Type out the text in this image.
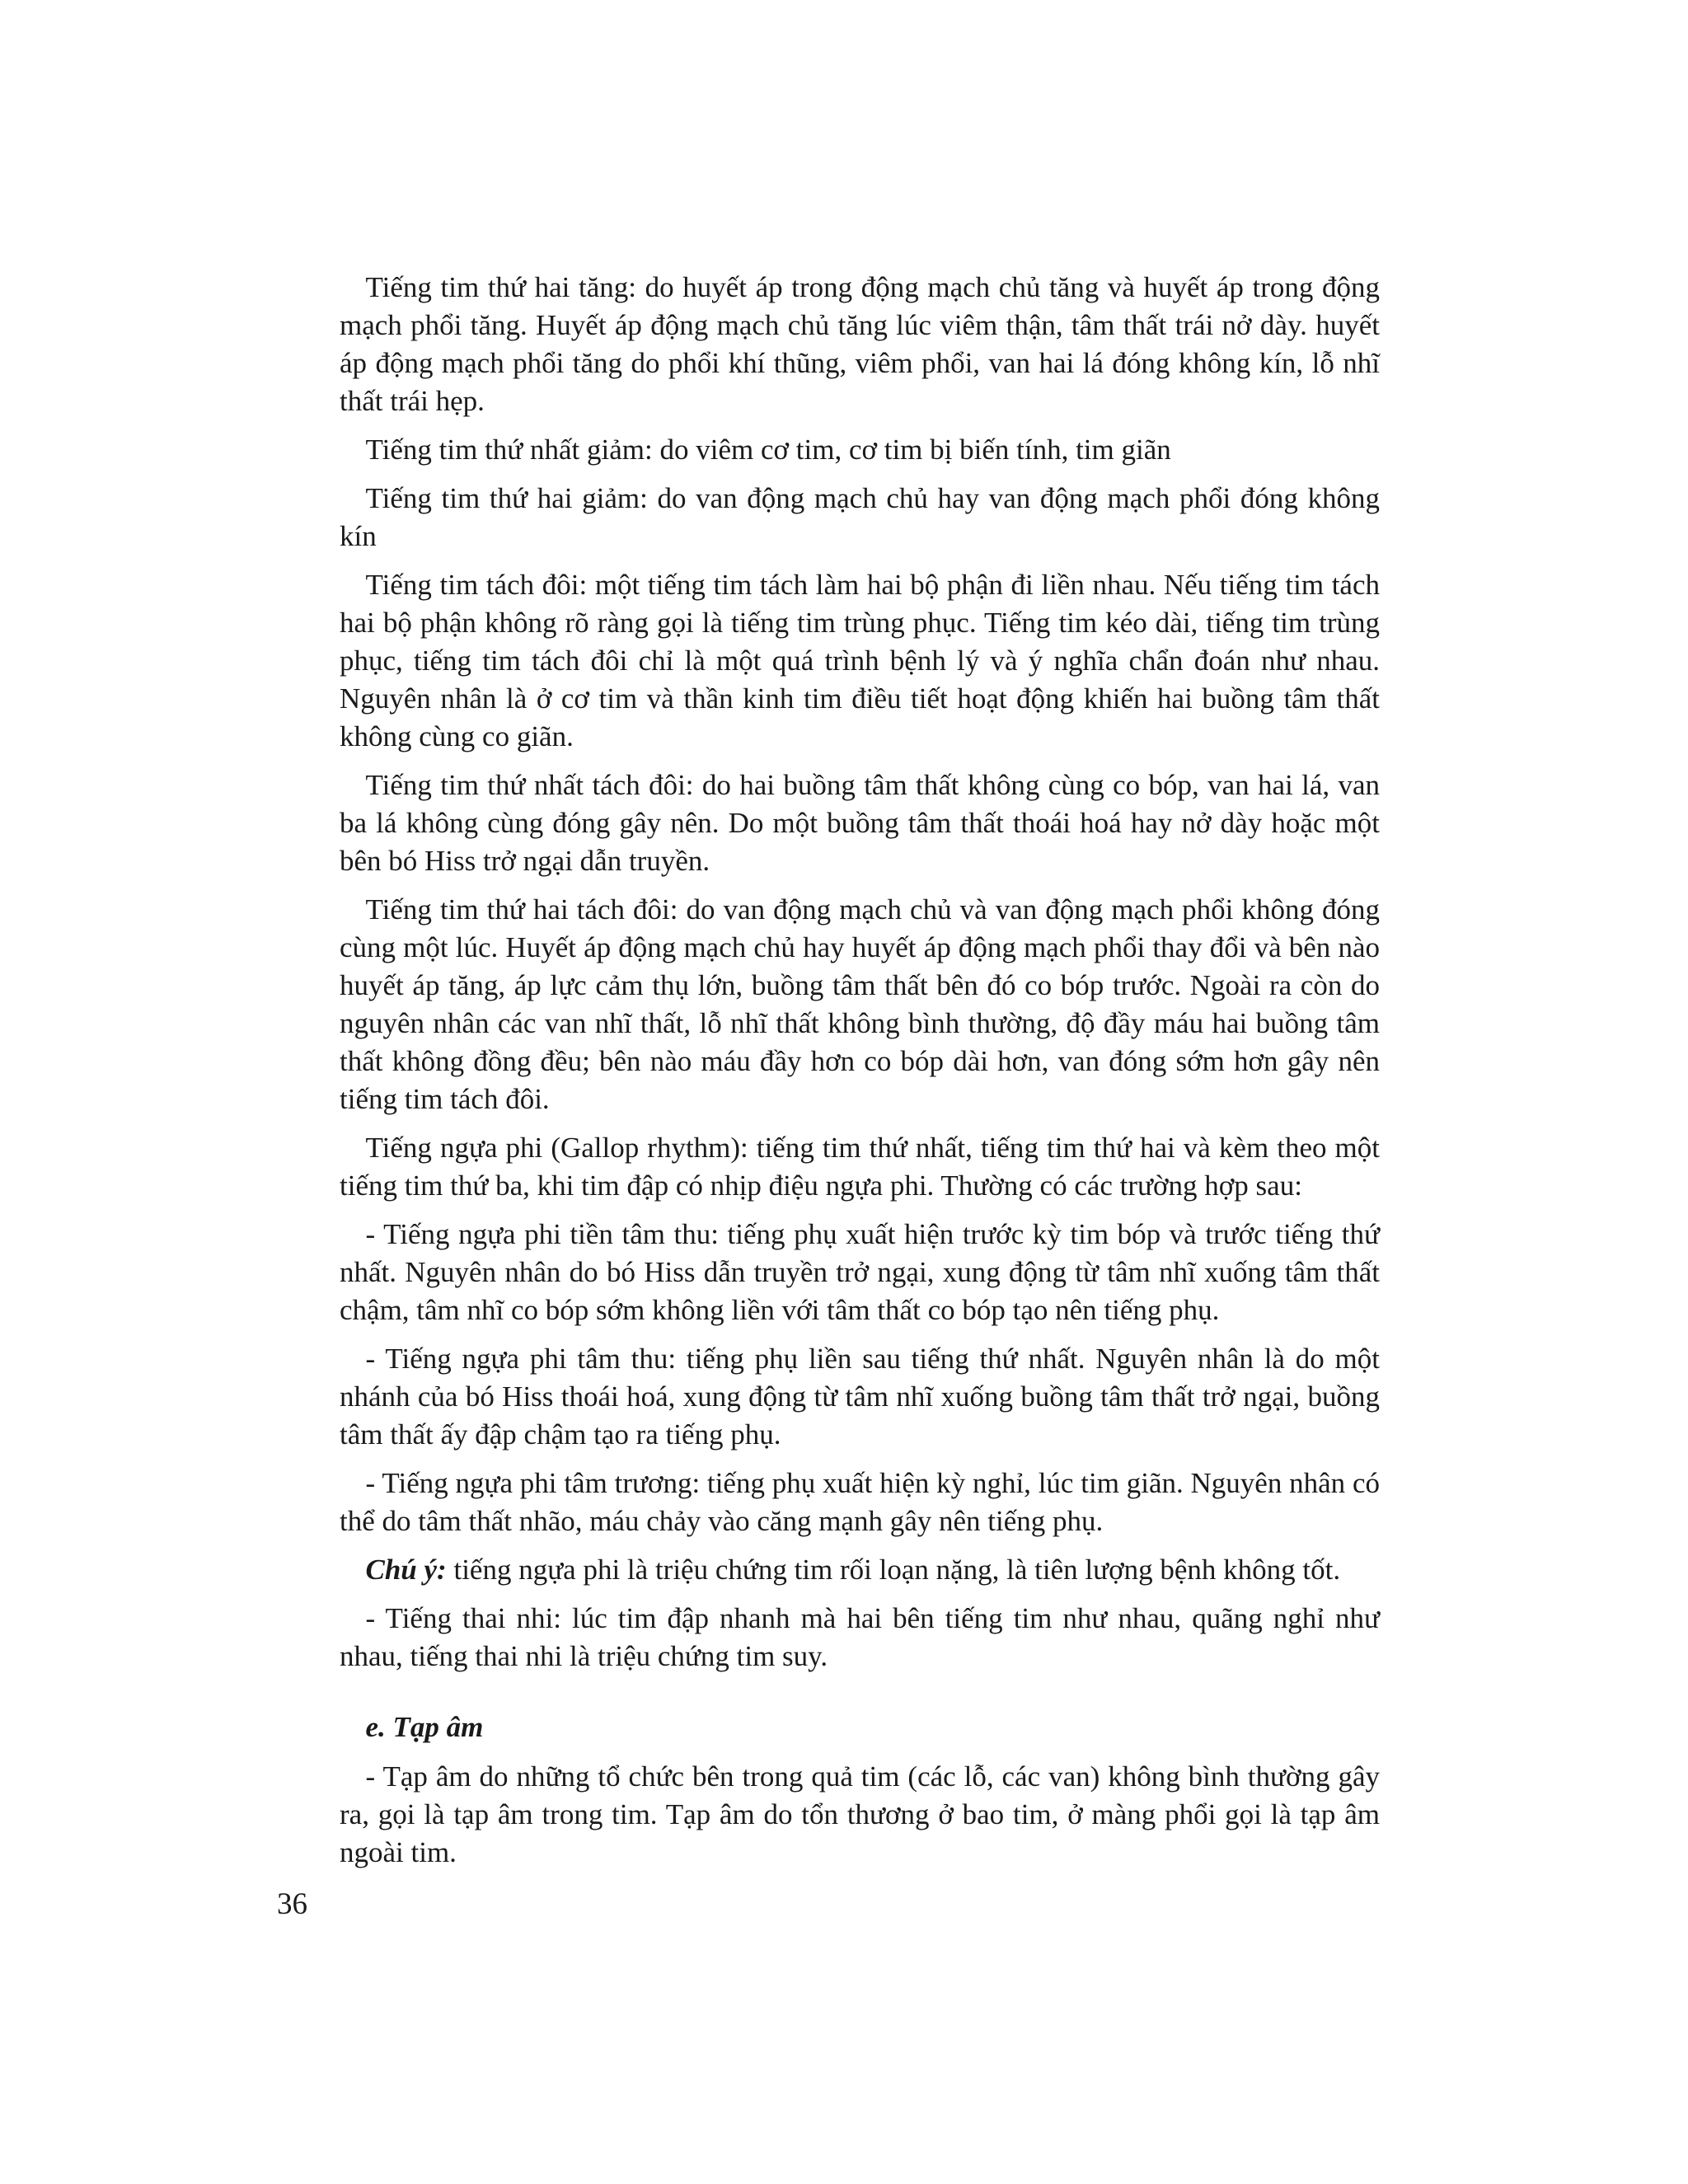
Tiếng tim thứ hai tăng: do huyết áp trong động mạch chủ tăng và huyết áp trong động mạch phổi tăng. Huyết áp động mạch chủ tăng lúc viêm thận, tâm thất trái nở dày. huyết áp động mạch phổi tăng do phổi khí thũng, viêm phổi, van hai lá đóng không kín, lỗ nhĩ thất trái hẹp.

Tiếng tim thứ nhất giảm: do viêm cơ tim, cơ tim bị biến tính, tim giãn

Tiếng tim thứ hai giảm: do van động mạch chủ hay van động mạch phổi đóng không kín

Tiếng tim tách đôi: một tiếng tim tách làm hai bộ phận đi liền nhau. Nếu tiếng tim tách hai bộ phận không rõ ràng gọi là tiếng tim trùng phục. Tiếng tim kéo dài, tiếng tim trùng phục, tiếng tim tách đôi chỉ là một quá trình bệnh lý và ý nghĩa chẩn đoán như nhau. Nguyên nhân là ở cơ tim và thần kinh tim điều tiết hoạt động khiến hai buồng tâm thất không cùng co giãn.

Tiếng tim thứ nhất tách đôi: do hai buồng tâm thất không cùng co bóp, van hai lá, van ba lá không cùng đóng gây nên. Do một buồng tâm thất thoái hoá hay nở dày hoặc một bên bó Hiss trở ngại dẫn truyền.

Tiếng tim thứ hai tách đôi: do van động mạch chủ và van động mạch phổi không đóng cùng một lúc. Huyết áp động mạch chủ hay huyết áp động mạch phổi thay đổi và bên nào huyết áp tăng, áp lực cảm thụ lớn, buồng tâm thất bên đó co bóp trước. Ngoài ra còn do nguyên nhân các van nhĩ thất, lỗ nhĩ thất không bình thường, độ đầy máu hai buồng tâm thất không đồng đều; bên nào máu đầy hơn co bóp dài hơn, van đóng sớm hơn gây nên tiếng tim tách đôi.

Tiếng ngựa phi (Gallop rhythm): tiếng tim thứ nhất, tiếng tim thứ hai và kèm theo một tiếng tim thứ ba, khi tim đập có nhịp điệu ngựa phi. Thường có các trường hợp sau:

- Tiếng ngựa phi tiền tâm thu: tiếng phụ xuất hiện trước kỳ tim bóp và trước tiếng thứ nhất. Nguyên nhân do bó Hiss dẫn truyền trở ngại, xung động từ tâm nhĩ xuống tâm thất chậm, tâm nhĩ co bóp sớm không liền với tâm thất co bóp tạo nên tiếng phụ.

- Tiếng ngựa phi tâm thu: tiếng phụ liền sau tiếng thứ nhất. Nguyên nhân là do một nhánh của bó Hiss thoái hoá, xung động từ tâm nhĩ xuống buồng tâm thất trở ngại, buồng tâm thất ấy đập chậm tạo ra tiếng phụ.

- Tiếng ngựa phi tâm trương: tiếng phụ xuất hiện kỳ nghỉ, lúc tim giãn. Nguyên nhân có thể do tâm thất nhão, máu chảy vào căng mạnh gây nên tiếng phụ.

Chú ý: tiếng ngựa phi là triệu chứng tim rối loạn nặng, là tiên lượng bệnh không tốt.

- Tiếng thai nhi: lúc tim đập nhanh mà hai bên tiếng tim như nhau, quãng nghỉ như nhau, tiếng thai nhi là triệu chứng tim suy.

e. Tạp âm

- Tạp âm do những tổ chức bên trong quả tim (các lỗ, các van) không bình thường gây ra, gọi là tạp âm trong tim. Tạp âm do tổn thương ở bao tim, ở màng phổi gọi là tạp âm ngoài tim.

36
